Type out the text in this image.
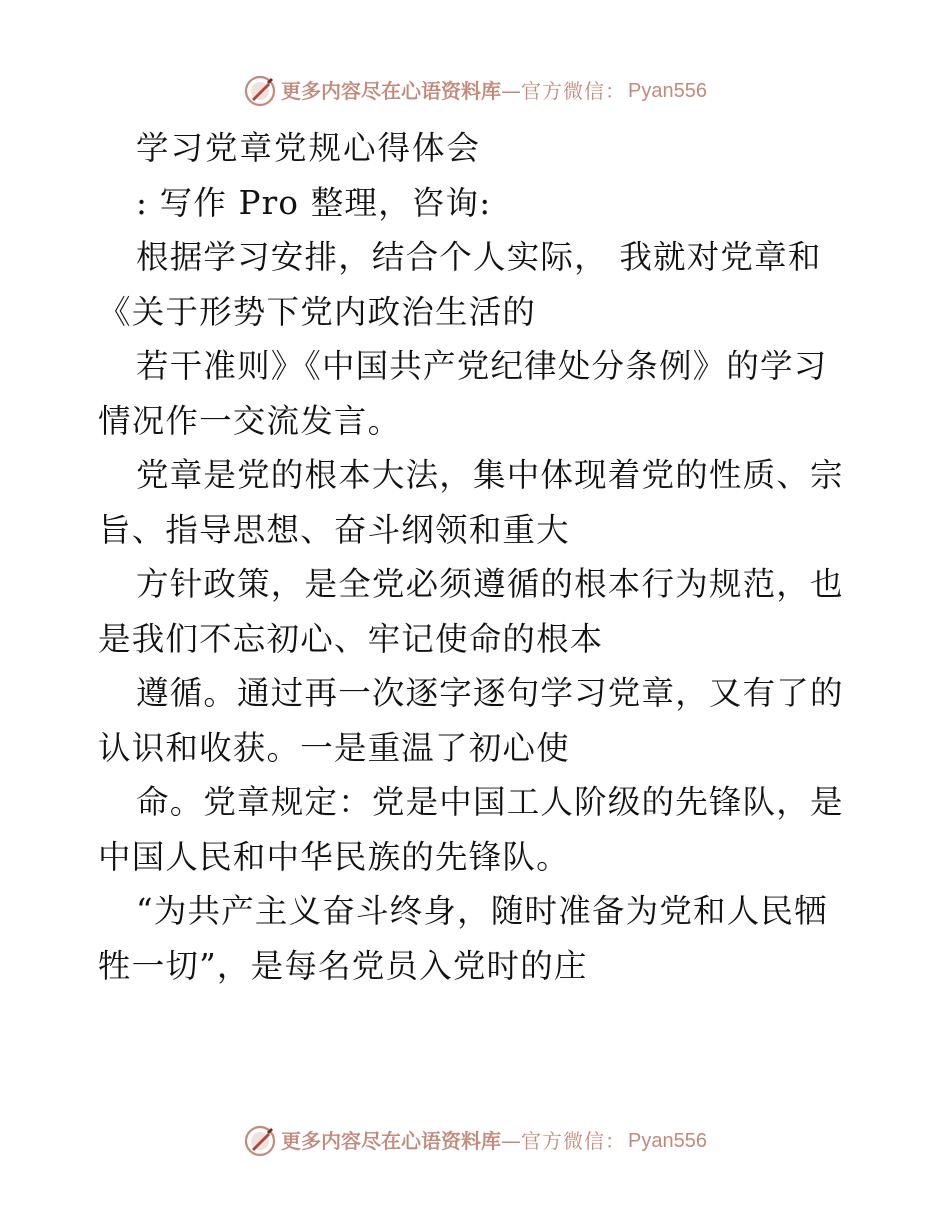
更多内容尽在心语资料库 — 官方微信： Pyan556
学习党章党规心得体会
: 写作 Pro 整理，咨询:
根据学习安排，结合个人实际， 我就对党章和
《关于形势下党内政治生活的
若干准则》《中国共产党纪律处分条例》的学习
情况作一交流发言。
党章是党的根本大法，集中体现着党的性质、宗
旨、指导思想、奋斗纲领和重大
方针政策，是全党必须遵循的根本行为规范，也
是我们不忘初心、牢记使命的根本
遵循。通过再一次逐字逐句学习党章，又有了的
认识和收获。一是重温了初心使
命。党章规定：党是中国工人阶级的先锋队，是
中国人民和中华民族的先锋队。
“为共产主义奋斗终身，随时准备为党和人民牺
牲一切”，是每名党员入党时的庄
更多内容尽在心语资料库 — 官方微信： Pyan556
